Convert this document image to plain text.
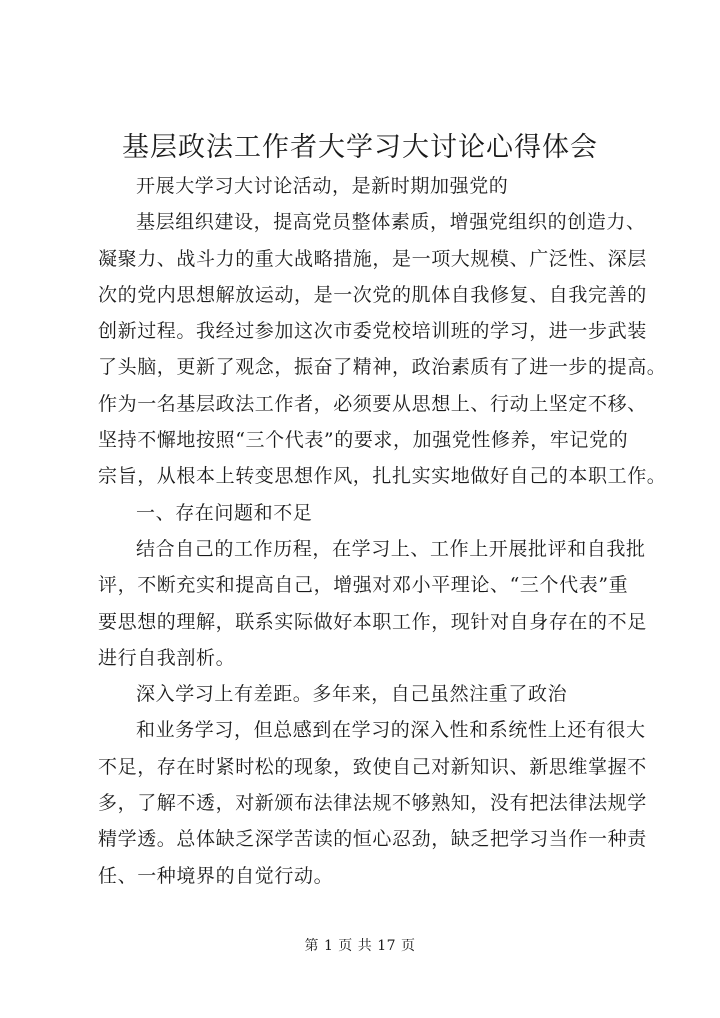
基层政法工作者大学习大讨论心得体会
开展大学习大讨论活动，是新时期加强党的
基层组织建设，提高党员整体素质，增强党组织的创造力、
凝聚力、战斗力的重大战略措施，是一项大规模、广泛性、深层
次的党内思想解放运动，是一次党的肌体自我修复、自我完善的
创新过程。我经过参加这次市委党校培训班的学习，进一步武装
了头脑，更新了观念，振奋了精神，政治素质有了进一步的提高。
作为一名基层政法工作者，必须要从思想上、行动上坚定不移、
坚持不懈地按照“三个代表”的要求，加强党性修养，牢记党的
宗旨，从根本上转变思想作风，扎扎实实地做好自己的本职工作。
一、存在问题和不足
结合自己的工作历程，在学习上、工作上开展批评和自我批
评，不断充实和提高自己，增强对邓小平理论、“三个代表”重
要思想的理解，联系实际做好本职工作，现针对自身存在的不足
进行自我剖析。
深入学习上有差距。多年来，自己虽然注重了政治
和业务学习，但总感到在学习的深入性和系统性上还有很大
不足，存在时紧时松的现象，致使自己对新知识、新思维掌握不
多，了解不透，对新颁布法律法规不够熟知，没有把法律法规学
精学透。总体缺乏深学苦读的恒心忍劲，缺乏把学习当作一种责
任、一种境界的自觉行动。
第 1 页 共 17 页
